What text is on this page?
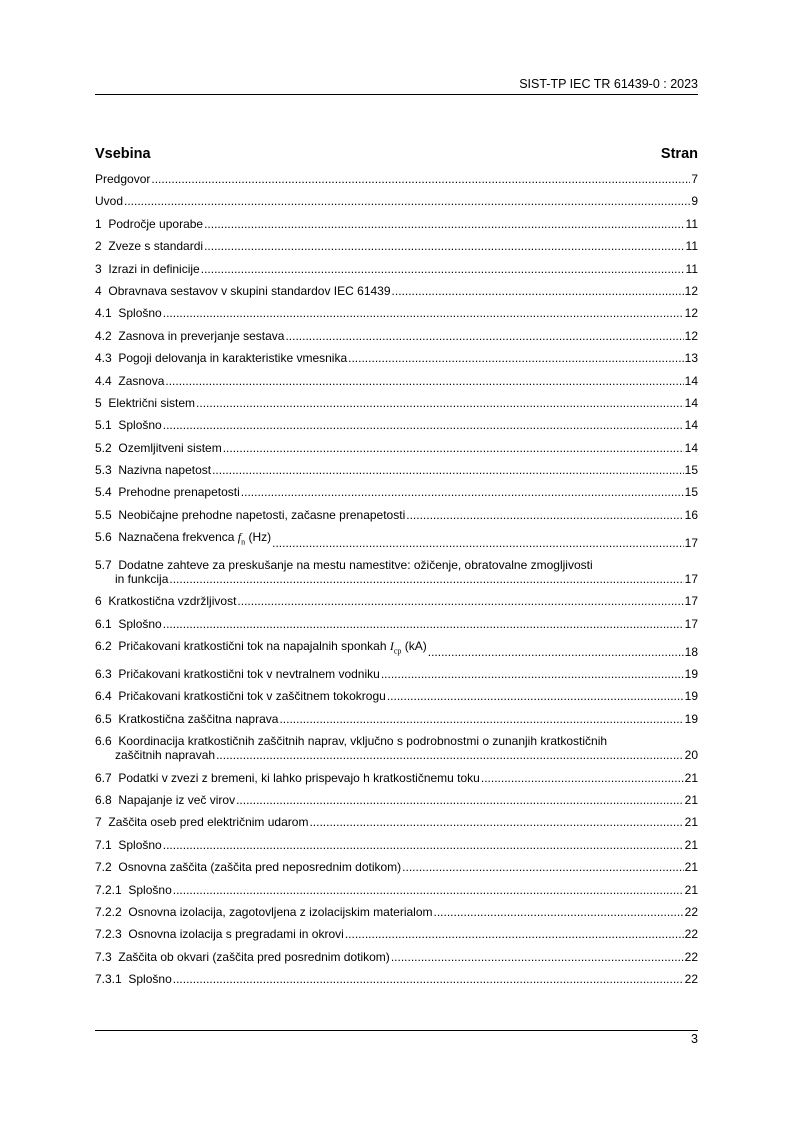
SIST-TP IEC TR 61439-0 : 2023
Vsebina	Stran
Predgovor .....	7
Uvod .....	9
1 Področje uporabe .....	11
2 Zveze s standardi .....	11
3 Izrazi in definicije .....	11
4 Obravnava sestavov v skupini standardov IEC 61439 .....	12
4.1 Splošno .....	12
4.2 Zasnova in preverjanje sestava .....	12
4.3 Pogoji delovanja in karakteristike vmesnika .....	13
4.4 Zasnova .....	14
5 Električni sistem .....	14
5.1 Splošno .....	14
5.2 Ozemljitveni sistem .....	14
5.3 Nazivna napetost .....	15
5.4 Prehodne prenapetosti .....	15
5.5 Neobičajne prehodne napetosti, začasne prenapetosti .....	16
5.6 Naznačena frekvenca $f_n$ (Hz) .....	17
5.7 Dodatne zahteve za preskušanje na mestu namestitve: ožičenje, obratovalne zmogljivosti
in funkcija .....	17
6 Kratkostična vzdržljivost .....	17
6.1 Splošno .....	17
6.2 Pričakovani kratkostični tok na napajalnih sponkah $I_{cp}$ (kA) .....	18
6.3 Pričakovani kratkostični tok v nevtralnem vodniku .....	19
6.4 Pričakovani kratkostični tok v zaščitnem tokokrogu .....	19
6.5 Kratkostična zaščitna naprava .....	19
6.6 Koordinacija kratkostičnih zaščitnih naprav, vključno s podrobnostmi o zunanjih kratkostičnih
zaščitnih napravah .....	20
6.7 Podatki v zvezi z bremeni, ki lahko prispevajo h kratkostičnemu toku .....	21
6.8 Napajanje iz več virov .....	21
7 Zaščita oseb pred električnim udarom .....	21
7.1 Splošno .....	21
7.2 Osnovna zaščita (zaščita pred neposrednim dotikom) .....	21
7.2.1 Splošno .....	21
7.2.2 Osnovna izolacija, zagotovljena z izolacijskim materialom .....	22
7.2.3 Osnovna izolacija s pregradami in okrovi .....	22
7.3 Zaščita ob okvari (zaščita pred posrednim dotikom) .....	22
7.3.1 Splošno .....	22
3
